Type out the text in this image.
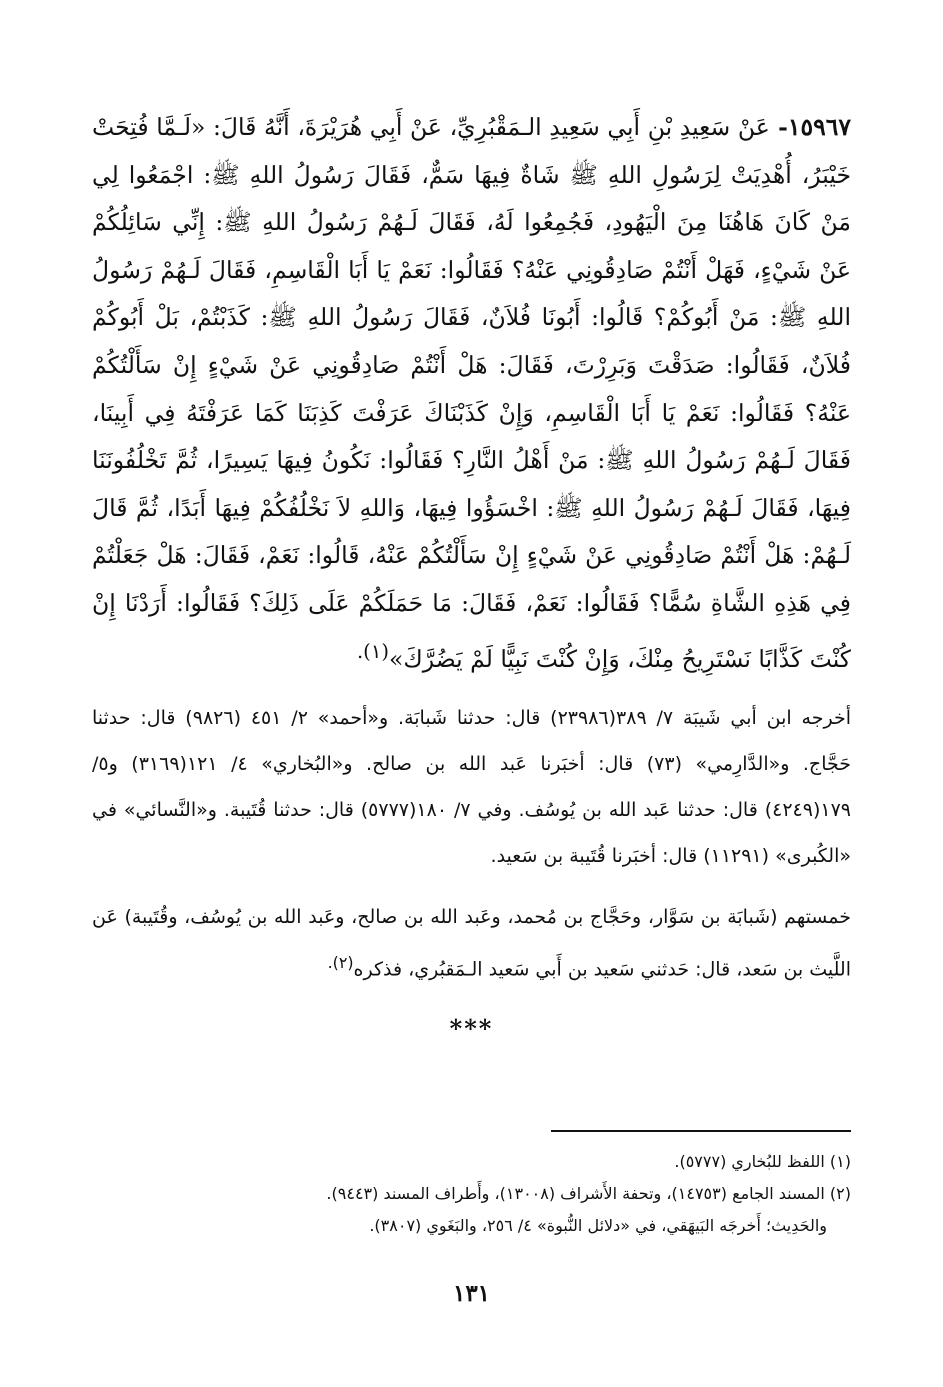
١٥٩٦٧- عَنْ سَعِيدِ بْنِ أَبِي سَعِيدِ الـمَقْبُرِيِّ، عَنْ أَبِي هُرَيْرَةَ، أَنَّهُ قَالَ: «لَـمَّا فُتِحَتْ خَيْبَرُ، أُهْدِيَتْ لِرَسُولِ اللهِ ﷺ شَاةٌ فِيهَا سَمٌّ، فَقَالَ رَسُولُ اللهِ ﷺ: اجْمَعُوا لِي مَنْ كَانَ هَاهُنَا مِنَ الْيَهُودِ، فَجُمِعُوا لَهُ، فَقَالَ لَـهُمْ رَسُولُ اللهِ ﷺ: إِنِّي سَائِلُكُمْ عَنْ شَيْءٍ، فَهَلْ أَنْتُمْ صَادِقُونِي عَنْهُ؟ فَقَالُوا: نَعَمْ يَا أَبَا الْقَاسِمِ، فَقَالَ لَـهُمْ رَسُولُ اللهِ ﷺ: مَنْ أَبُوكُمْ؟ قَالُوا: أَبُونَا فُلاَنٌ، فَقَالَ رَسُولُ اللهِ ﷺ: كَذَبْتُمْ، بَلْ أَبُوكُمْ فُلاَنٌ، فَقَالُوا: صَدَقْتَ وَبَرِرْتَ، فَقَالَ: هَلْ أَنْتُمْ صَادِقُونِي عَنْ شَيْءٍ إِنْ سَأَلْتُكُمْ عَنْهُ؟ فَقَالُوا: نَعَمْ يَا أَبَا الْقَاسِمِ، وَإِنْ كَذَبْنَاكَ عَرَفْتَ كَذِبَنَا كَمَا عَرَفْتَهُ فِي أَبِينَا، فَقَالَ لَـهُمْ رَسُولُ اللهِ ﷺ: مَنْ أَهْلُ النَّارِ؟ فَقَالُوا: نَكُونُ فِيهَا يَسِيرًا، ثُمَّ تَخْلُفُونَنَا فِيهَا، فَقَالَ لَـهُمْ رَسُولُ اللهِ ﷺ: اخْسَؤُوا فِيهَا، وَاللهِ لاَ نَخْلُفُكُمْ فِيهَا أَبَدًا، ثُمَّ قَالَ لَـهُمْ: هَلْ أَنْتُمْ صَادِقُونِي عَنْ شَيْءٍ إِنْ سَأَلْتُكُمْ عَنْهُ، قَالُوا: نَعَمْ، فَقَالَ: هَلْ جَعَلْتُمْ فِي هَذِهِ الشَّاةِ سُمًّا؟ فَقَالُوا: نَعَمْ، فَقَالَ: مَا حَمَلَكُمْ عَلَى ذَلِكَ؟ فَقَالُوا: أَرَدْنَا إِنْ كُنْتَ كَذَّابًا نَسْتَرِيحُ مِنْكَ، وَإِنْ كُنْتَ نَبِيًّا لَمْ يَضُرَّكَ»$^{(١).}$

أخرجه ابن أبي شَيبَة ٧/ ٣٨٩(٢٣٩٨٦) قال: حدثنا شَبابَة. و«أحمد» ٢/ ٤٥١ (٩٨٢٦) قال: حدثنا حَجَّاج. و«الدَّارِمي» (٧٣) قال: أخبَرنا عَبد الله بن صالح. و«البُخاري» ٤/ ١٢١(٣١٦٩) و٥/ ١٧٩(٤٢٤٩) قال: حدثنا عَبد الله بن يُوسُف. وفي ٧/ ١٨٠(٥٧٧٧) قال: حدثنا قُتَيبة. و«النَّسائي» في «الكُبرى» (١١٢٩١) قال: أخبَرنا قُتَيبة بن سَعيد.

خمستهم (شَبابَة بن سَوَّار، وحَجَّاج بن مُحمد، وعَبد الله بن صالح، وعَبد الله بن يُوسُف، وقُتَيبة) عَن اللَّيث بن سَعد، قال: حَدثني سَعيد بن أَبي سَعيد الـمَقبُري، فذكره$^{(٢).}$

***

(١) اللفظ للبُخاري (٥٧٧٧).

(٢) المسند الجامع (١٤٧٥٣)، وتحفة الأَشراف (١٣٠٠٨)، وأَطراف المسند (٩٤٤٣).

والحَدِيث؛ أَخرجَه البَيهَقي، في «دلائل النُّبوة» ٤/ ٢٥٦، والبَغَوي (٣٨٠٧).

١٣١
